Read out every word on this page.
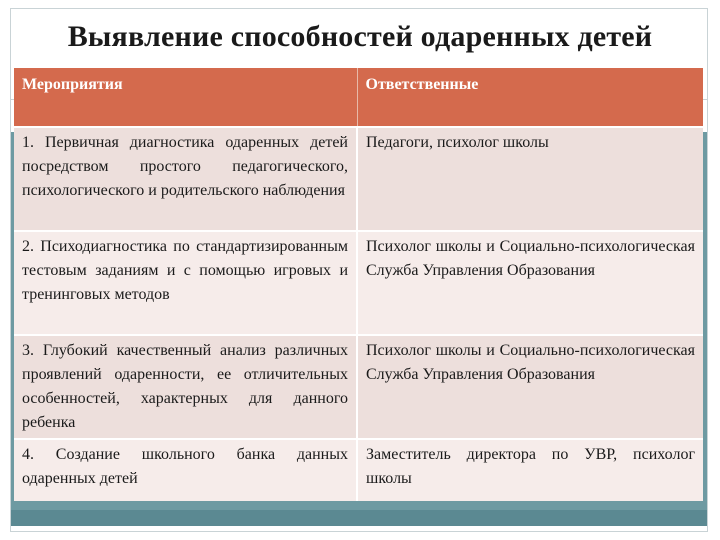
Выявление способностей одаренных детей
Мероприятия	Ответственные
1. Первичная диагностика одаренных детей посредством простого педагогического, психологического и родительского наблюдения	Педагоги, психолог школы
2. Психодиагностика по стандартизированным тестовым заданиям и с помощью игровых и тренинговых методов	Психолог школы и Социально-психологическая Служба Управления Образования
3. Глубокий качественный анализ различных проявлений одаренности, ее отличительных особенностей, характерных для данного ребенка	Психолог школы и Социально-психологическая Служба Управления Образования
4. Создание школьного банка данных одаренных детей	Заместитель директора по УВР, психолог школы
